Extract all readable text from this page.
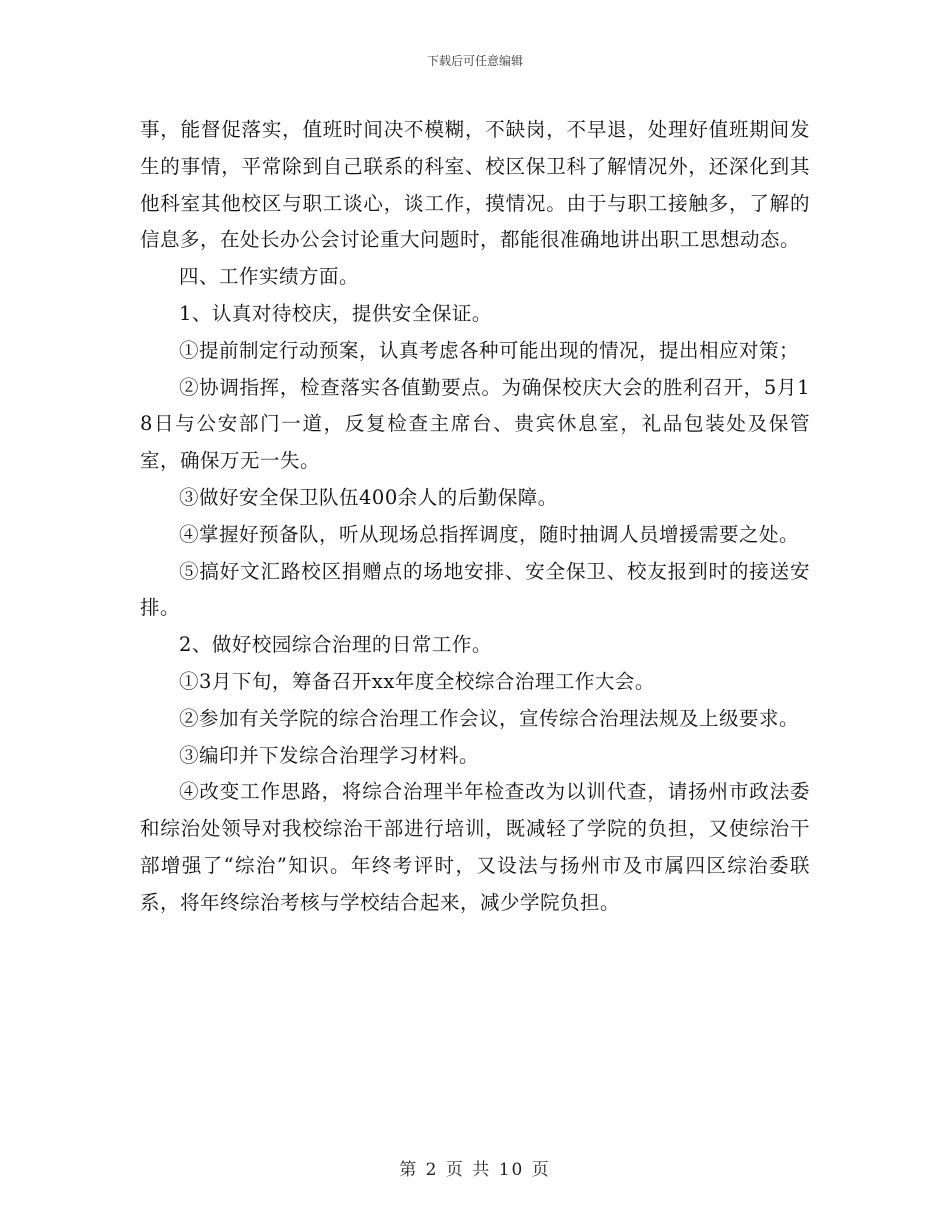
下载后可任意编辑

事，能督促落实，值班时间决不模糊，不缺岗，不早退，处理好值班期间发生的事情，平常除到自己联系的科室、校区保卫科了解情况外，还深化到其他科室其他校区与职工谈心，谈工作，摸情况。由于与职工接触多，了解的信息多，在处长办公会讨论重大问题时，都能很准确地讲出职工思想动态。

四、工作实绩方面。

1、认真对待校庆，提供安全保证。

①提前制定行动预案，认真考虑各种可能出现的情况，提出相应对策；

②协调指挥，检查落实各值勤要点。为确保校庆大会的胜利召开，5月18日与公安部门一道，反复检查主席台、贵宾休息室，礼品包装处及保管室，确保万无一失。

③做好安全保卫队伍400余人的后勤保障。

④掌握好预备队，听从现场总指挥调度，随时抽调人员增援需要之处。

⑤搞好文汇路校区捐赠点的场地安排、安全保卫、校友报到时的接送安排。

2、做好校园综合治理的日常工作。

①3月下旬，筹备召开xx年度全校综合治理工作大会。

②参加有关学院的综合治理工作会议，宣传综合治理法规及上级要求。

③编印并下发综合治理学习材料。

④改变工作思路，将综合治理半年检查改为以训代查，请扬州市政法委和综治处领导对我校综治干部进行培训，既减轻了学院的负担，又使综治干部增强了“综治”知识。年终考评时，又设法与扬州市及市属四区综治委联系，将年终综治考核与学校结合起来，减少学院负担。

第 2 页 共 10 页
